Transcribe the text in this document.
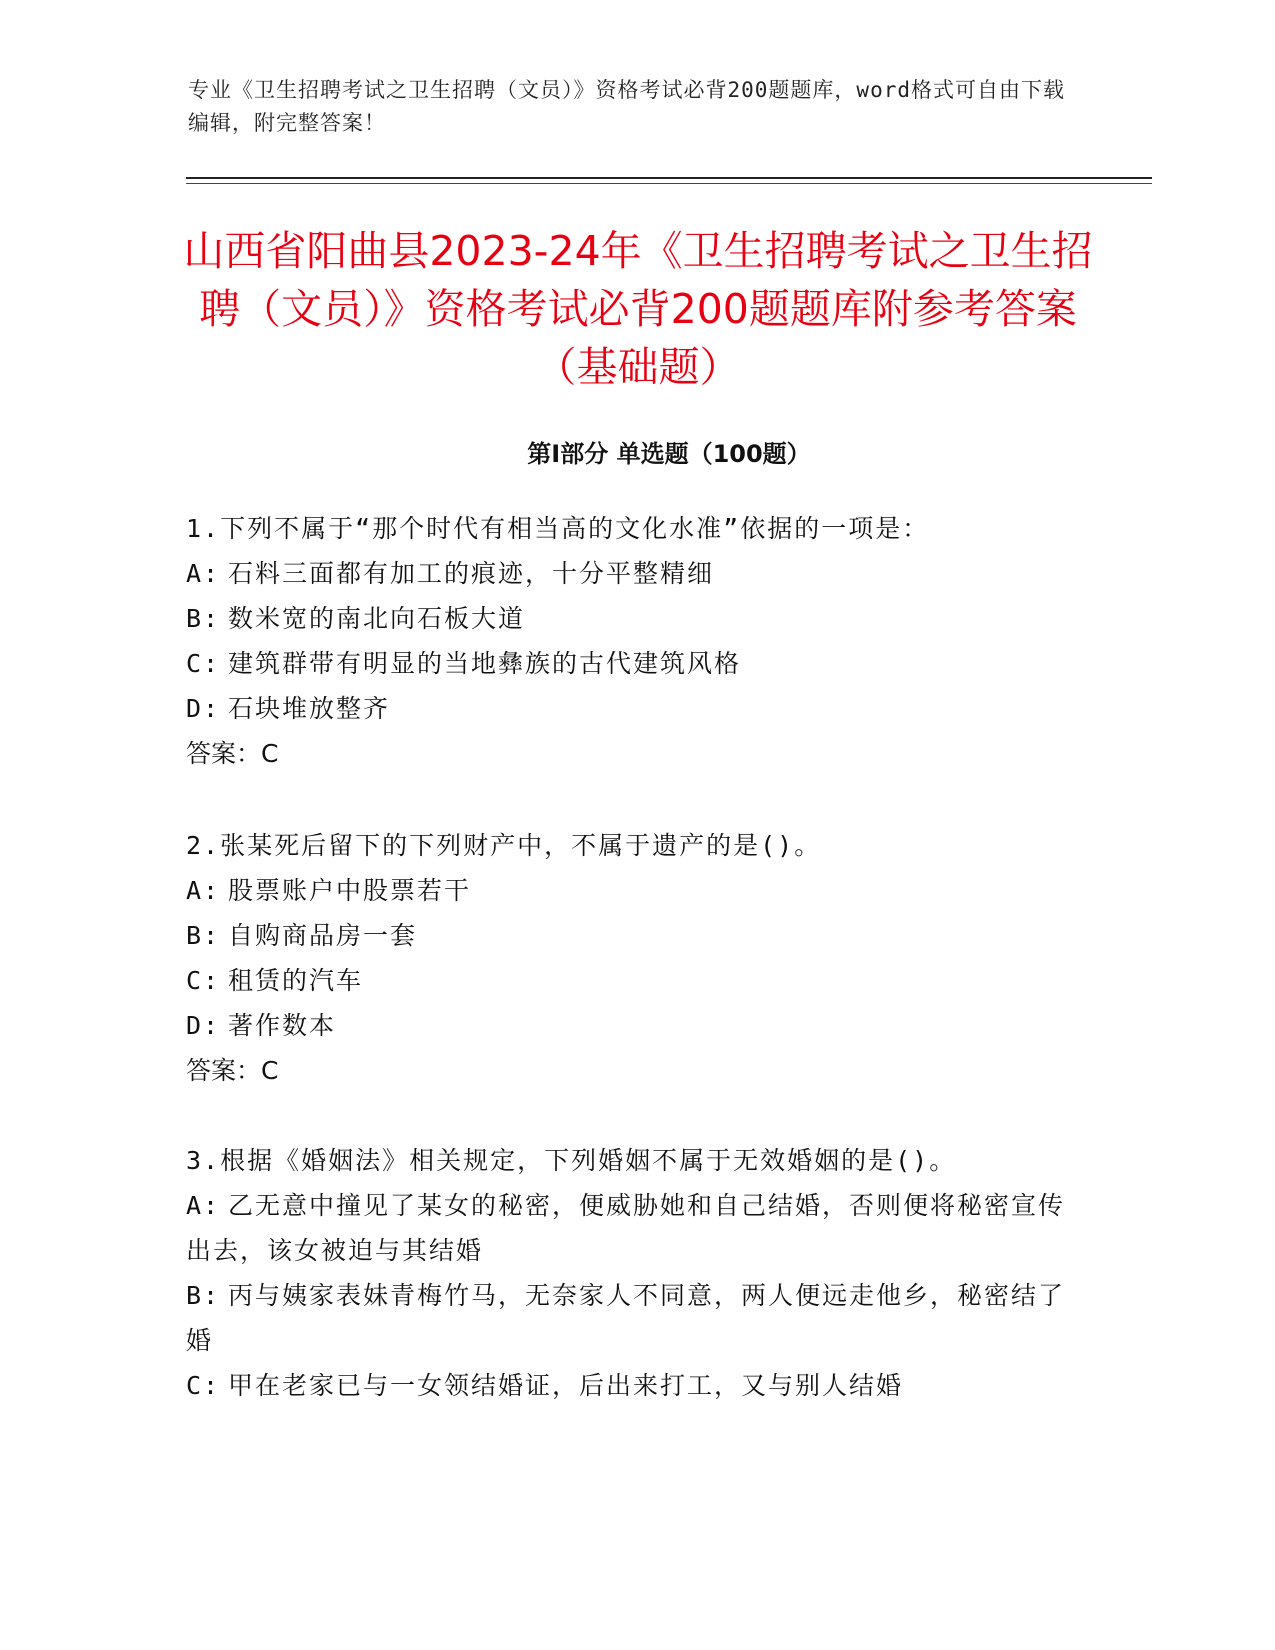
专业《卫生招聘考试之卫生招聘（文员）》资格考试必背200题题库，word格式可自由下载编辑，附完整答案！
山西省阳曲县2023-24年《卫生招聘考试之卫生招聘（文员）》资格考试必背200题题库附参考答案（基础题）
第Ⅰ部分 单选题（100题）
1.下列不属于“那个时代有相当高的文化水准”依据的一项是：
A: 石料三面都有加工的痕迹，十分平整精细
B: 数米宽的南北向石板大道
C: 建筑群带有明显的当地彝族的古代建筑风格
D: 石块堆放整齐
答案：C
2.张某死后留下的下列财产中，不属于遗产的是()。
A: 股票账户中股票若干
B: 自购商品房一套
C: 租赁的汽车
D: 著作数本
答案：C
3.根据《婚姻法》相关规定，下列婚姻不属于无效婚姻的是()。
A: 乙无意中撞见了某女的秘密，便威胁她和自己结婚，否则便将秘密宣传出去，该女被迫与其结婚
B: 丙与姨家表妹青梅竹马，无奈家人不同意，两人便远走他乡，秘密结了婚
C: 甲在老家已与一女领结婚证，后出来打工，又与别人结婚
